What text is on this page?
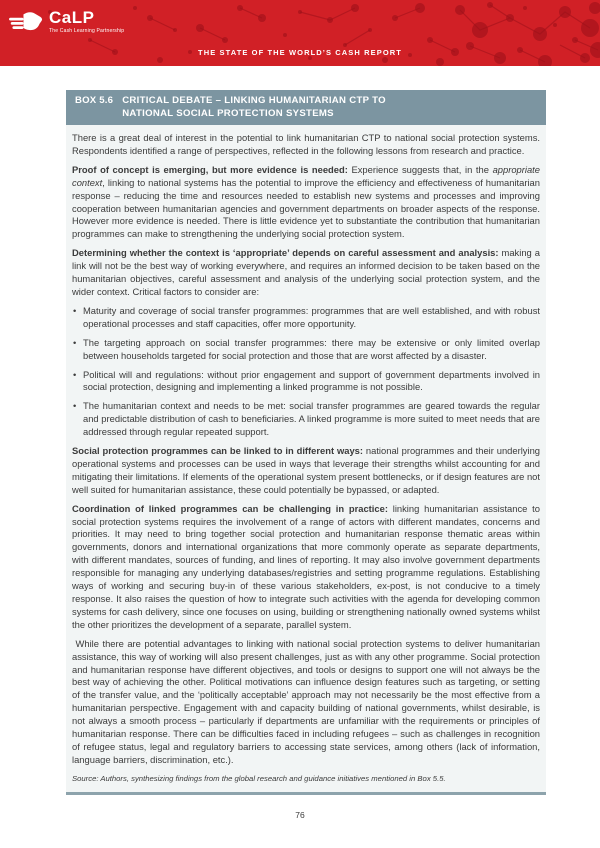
CaLP
The Cash Learning Partnership
THE STATE OF THE WORLD’S CASH REPORT
BOX 5.6 CRITICAL DEBATE – LINKING HUMANITARIAN CTP TO
NATIONAL SOCIAL PROTECTION SYSTEMS

There is a great deal of interest in the potential to link humanitarian CTP to national social protection systems. Respondents identified a range of perspectives, reflected in the following lessons from research and practice.

Proof of concept is emerging, but more evidence is needed: Experience suggests that, in the appropriate context, linking to national systems has the potential to improve the efficiency and effectiveness of humanitarian response – reducing the time and resources needed to establish new systems and processes and improving cooperation between humanitarian agencies and government departments on broader aspects of the response. However more evidence is needed. There is little evidence yet to substantiate the contribution that humanitarian programmes can make to strengthening the underlying social protection system.

Determining whether the context is ‘appropriate’ depends on careful assessment and analysis: making a link will not be the best way of working everywhere, and requires an informed decision to be taken based on the humanitarian objectives, careful assessment and analysis of the underlying social protection system, and the wider context. Critical factors to consider are:

• Maturity and coverage of social transfer programmes: programmes that are well established, and with robust operational processes and staff capacities, offer more opportunity.
• The targeting approach on social transfer programmes: there may be extensive or only limited overlap between households targeted for social protection and those that are worst affected by a disaster.
• Political will and regulations: without prior engagement and support of government departments involved in social protection, designing and implementing a linked programme is not possible.
• The humanitarian context and needs to be met: social transfer programmes are geared towards the regular and predictable distribution of cash to beneficiaries. A linked programme is more suited to meet needs that are addressed through regular repeated support.

Social protection programmes can be linked to in different ways: national programmes and their underlying operational systems and processes can be used in ways that leverage their strengths whilst accounting for and mitigating their limitations. If elements of the operational system present bottlenecks, or if design features are not well suited for humanitarian assistance, these could potentially be bypassed, or adapted.

Coordination of linked programmes can be challenging in practice: linking humanitarian assistance to social protection systems requires the involvement of a range of actors with different mandates, concerns and priorities. It may need to bring together social protection and humanitarian response thematic areas within governments, donors and international organizations that more commonly operate as separate departments, with different mandates, sources of funding, and lines of reporting. It may also involve government departments responsible for managing any underlying databases/registries and setting programme regulations. Establishing ways of working and securing buy-in of these various stakeholders, ex-post, is not conducive to a timely response. It also raises the question of how to integrate such activities with the agenda for developing common systems for cash delivery, since one focuses on using, building or strengthening nationally owned systems whilst the other prioritizes the development of a separate, parallel system.

While there are potential advantages to linking with national social protection systems to deliver humanitarian assistance, this way of working will also present challenges, just as with any other programme. Social protection and humanitarian response have different objectives, and tools or designs to support one will not always be the best way of achieving the other. Political motivations can influence design features such as targeting, or setting of the transfer value, and the ‘politically acceptable’ approach may not necessarily be the most effective from a humanitarian perspective. Engagement with and capacity building of national governments, whilst desirable, is not always a smooth process – particularly if departments are unfamiliar with the requirements or principles of humanitarian response. There can be difficulties faced in including refugees – such as challenges in recognition of refugee status, legal and regulatory barriers to accessing state services, among others (lack of information, language barriers, discrimination, etc.).

Source: Authors, synthesizing findings from the global research and guidance initiatives mentioned in Box 5.5.
76
